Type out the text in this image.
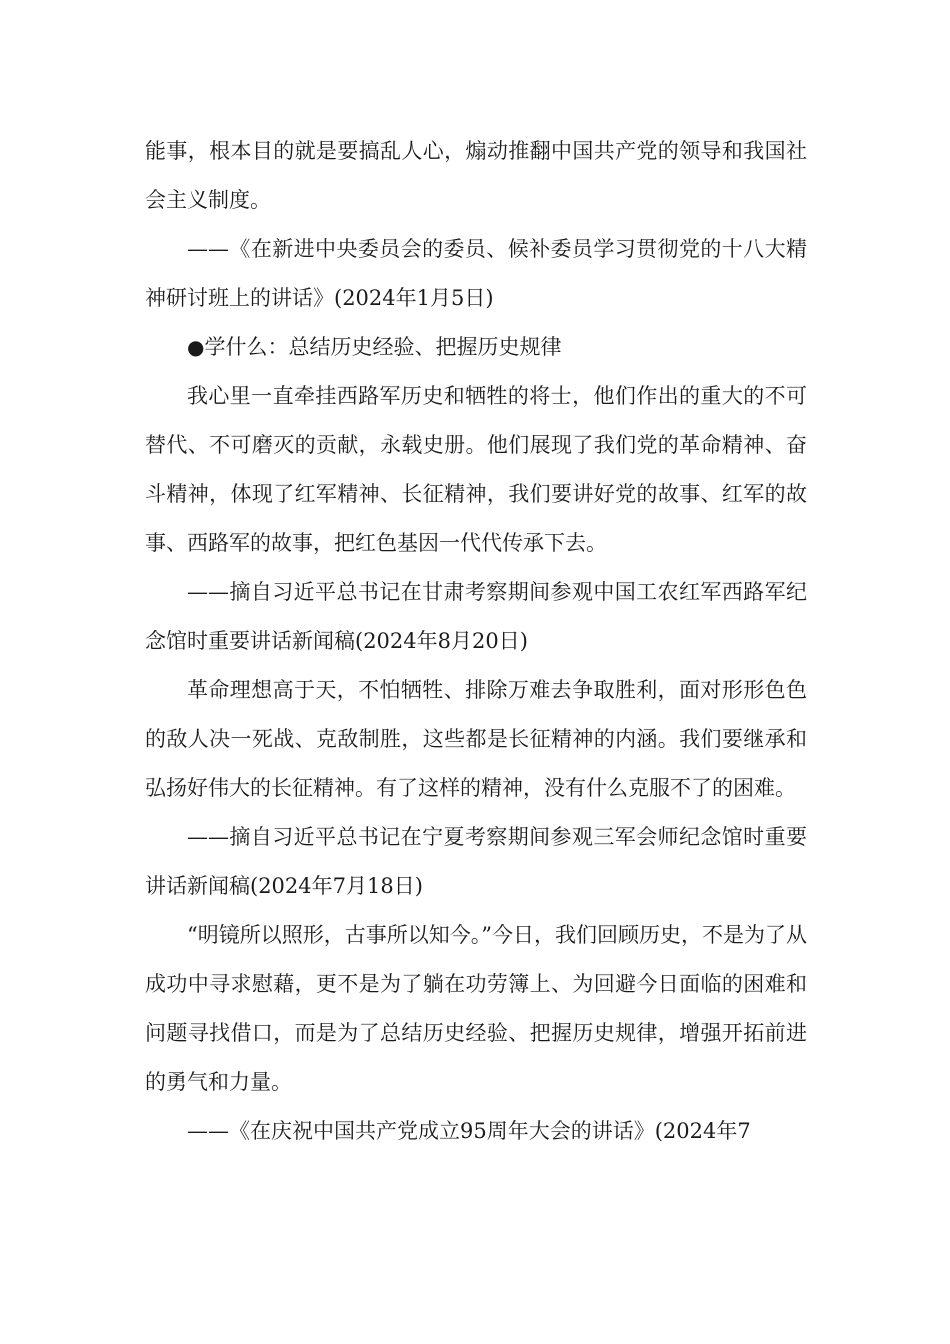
能事，根本目的就是要搞乱人心，煽动推翻中国共产党的领导和我国社会主义制度。

——《在新进中央委员会的委员、候补委员学习贯彻党的十八大精神研讨班上的讲话》(2024年1月5日)

●学什么：总结历史经验、把握历史规律

我心里一直牵挂西路军历史和牺牲的将士，他们作出的重大的不可替代、不可磨灭的贡献，永载史册。他们展现了我们党的革命精神、奋斗精神，体现了红军精神、长征精神，我们要讲好党的故事、红军的故事、西路军的故事，把红色基因一代代传承下去。

——摘自习近平总书记在甘肃考察期间参观中国工农红军西路军纪念馆时重要讲话新闻稿(2024年8月20日)

革命理想高于天，不怕牺牲、排除万难去争取胜利，面对形形色色的敌人决一死战、克敌制胜，这些都是长征精神的内涵。我们要继承和弘扬好伟大的长征精神。有了这样的精神，没有什么克服不了的困难。

——摘自习近平总书记在宁夏考察期间参观三军会师纪念馆时重要讲话新闻稿(2024年7月18日)

“明镜所以照形，古事所以知今。”今日，我们回顾历史，不是为了从成功中寻求慰藉，更不是为了躺在功劳簿上、为回避今日面临的困难和问题寻找借口，而是为了总结历史经验、把握历史规律，增强开拓前进的勇气和力量。

——《在庆祝中国共产党成立95周年大会的讲话》(2024年7
